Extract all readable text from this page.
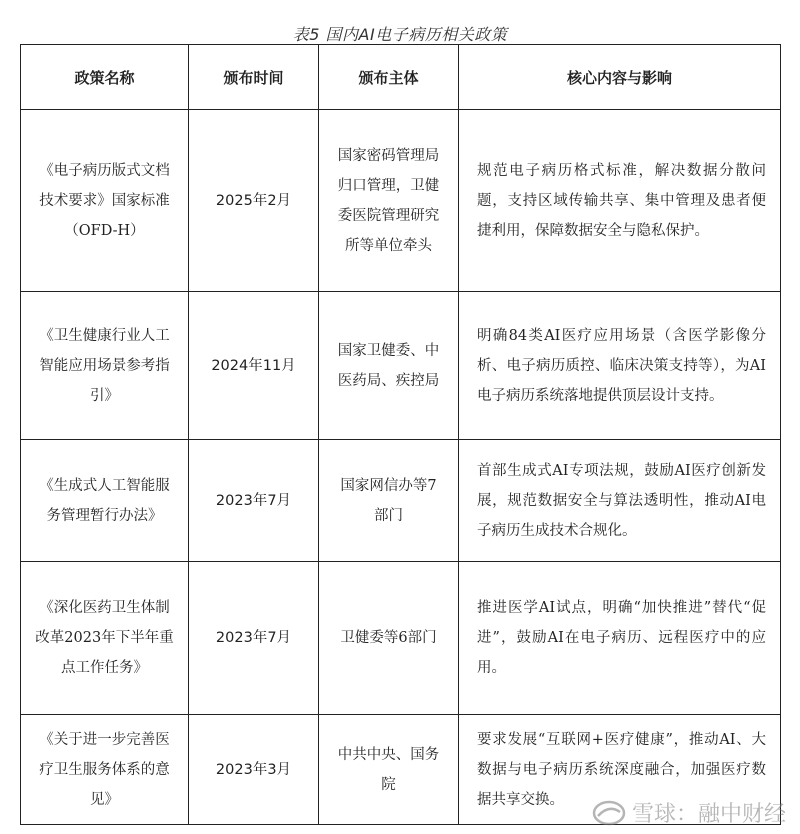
表5 国内AI电子病历相关政策
政策名称	颁布时间	颁布主体	核心内容与影响

《电子病历版式文档技术要求》国家标准（OFD-H）	2025年2月	国家密码管理局归口管理，卫健委医院管理研究所等单位牵头	规范电子病历格式标准，解决数据分散问题，支持区域传输共享、集中管理及患者便捷利用，保障数据安全与隐私保护。

《卫生健康行业人工智能应用场景参考指引》	2024年11月	国家卫健委、中医药局、疾控局	明确84类AI医疗应用场景（含医学影像分析、电子病历质控、临床决策支持等），为AI电子病历系统落地提供顶层设计支持。

《生成式人工智能服务管理暂行办法》	2023年7月	国家网信办等7部门	首部生成式AI专项法规，鼓励AI医疗创新发展，规范数据安全与算法透明性，推动AI电子病历生成技术合规化。

《深化医药卫生体制改革2023年下半年重点工作任务》	2023年7月	卫健委等6部门	推进医学AI试点，明确“加快推进”替代“促进”，鼓励AI在电子病历、远程医疗中的应用。

《关于进一步完善医疗卫生服务体系的意见》	2023年3月	中共中央、国务院	要求发展“互联网+医疗健康”，推动AI、大数据与电子病历系统深度融合，加强医疗数据共享交换。
雪球：融中财经
